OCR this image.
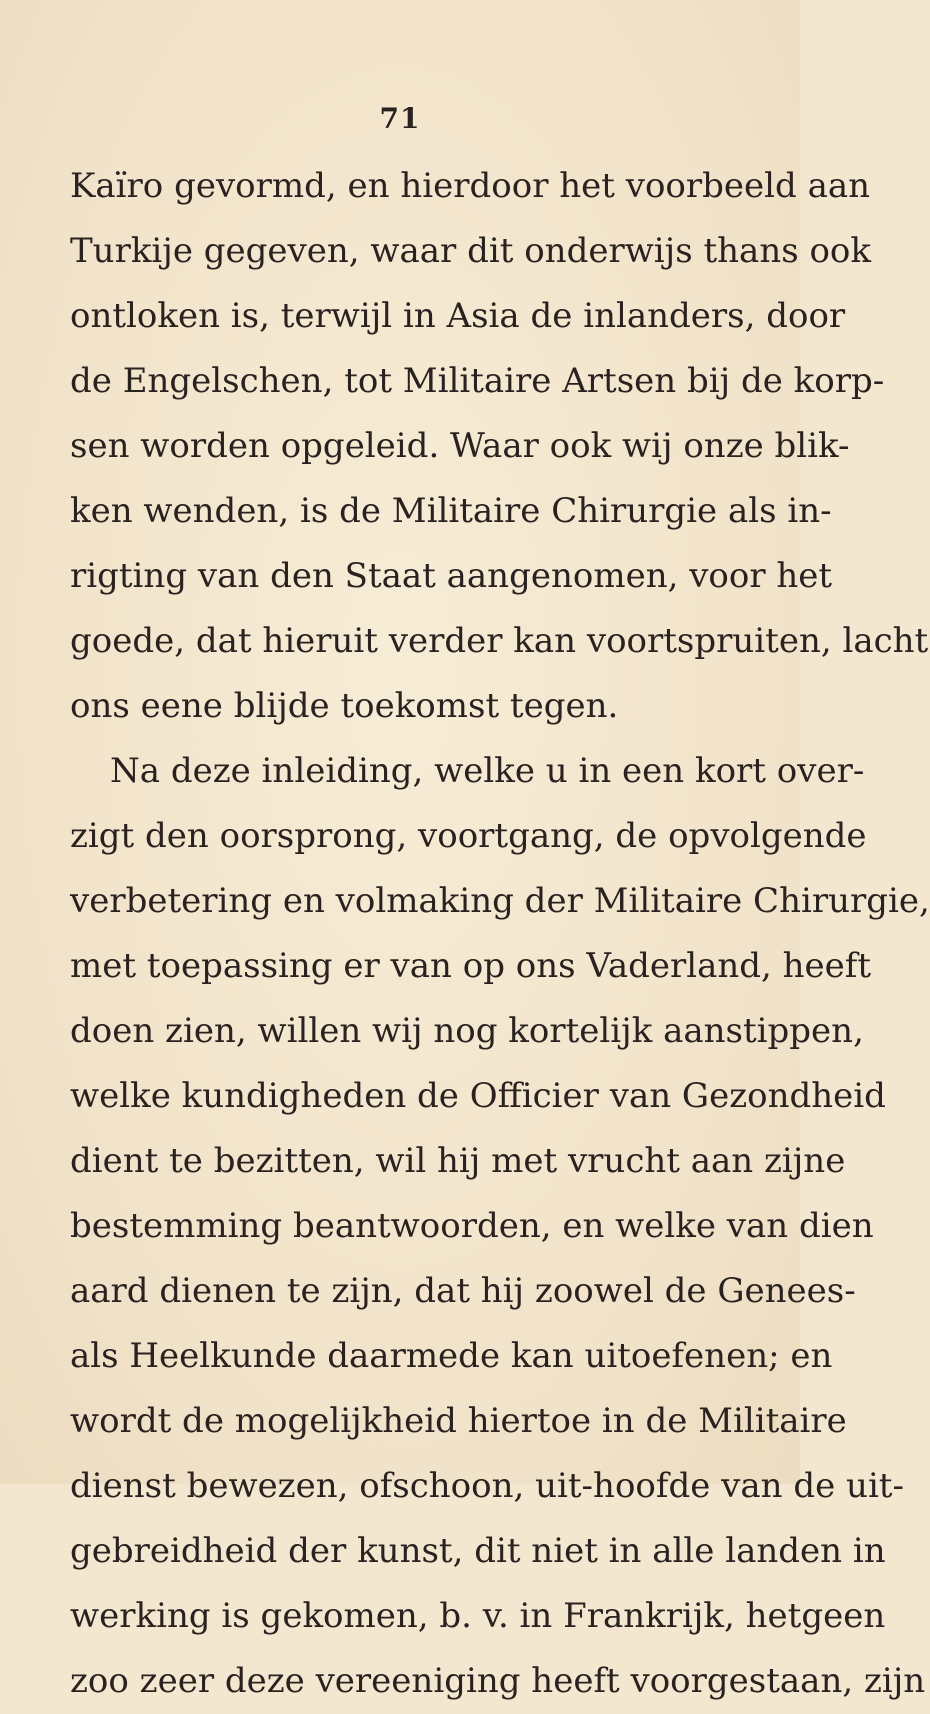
71
Kaïro gevormd, en hierdoor het voorbeeld aan
Turkije gegeven, waar dit onderwijs thans ook
ontloken is, terwijl in Asia de inlanders, door
de Engelschen, tot Militaire Artsen bij de korp-
sen worden opgeleid. Waar ook wij onze blik-
ken wenden, is de Militaire Chirurgie als in-
rigting van den Staat aangenomen, voor het
goede, dat hieruit verder kan voortspruiten, lacht
ons eene blijde toekomst tegen.
Na deze inleiding, welke u in een kort over-
zigt den oorsprong, voortgang, de opvolgende
verbetering en volmaking der Militaire Chirurgie,
met toepassing er van op ons Vaderland, heeft
doen zien, willen wij nog kortelijk aanstippen,
welke kundigheden de Officier van Gezondheid
dient te bezitten, wil hij met vrucht aan zijne
bestemming beantwoorden, en welke van dien
aard dienen te zijn, dat hij zoowel de Genees-
als Heelkunde daarmede kan uitoefenen; en
wordt de mogelijkheid hiertoe in de Militaire
dienst bewezen, ofschoon, uit-hoofde van de uit-
gebreidheid der kunst, dit niet in alle landen in
werking is gekomen, b. v. in Frankrijk, hetgeen
zoo zeer deze vereeniging heeft voorgestaan, zijn
